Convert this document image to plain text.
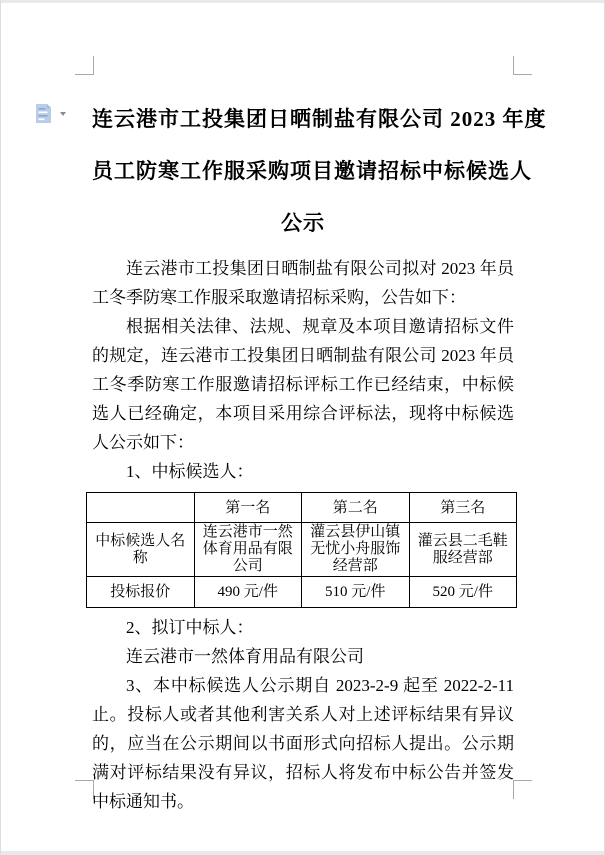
连云港市工投集团日晒制盐有限公司 2023 年度
员工防寒工作服采购项目邀请招标中标候选人
公示

连云港市工投集团日晒制盐有限公司拟对 2023 年员工冬季防寒工作服采取邀请招标采购，公告如下：

根据相关法律、法规、规章及本项目邀请招标文件的规定，连云港市工投集团日晒制盐有限公司 2023 年员工冬季防寒工作服邀请招标评标工作已经结束，中标候选人已经确定，本项目采用综合评标法，现将中标候选人公示如下：

1、中标候选人：

	第一名	第二名	第三名
中标候选人名称	连云港市一然体育用品有限公司	灌云县伊山镇无忧小舟服饰经营部	灌云县二毛鞋服经营部
投标报价	490 元/件	510 元/件	520 元/件

2、拟订中标人：

连云港市一然体育用品有限公司

3、本中标候选人公示期自 2023-2-9 起至 2022-2-11 止。投标人或者其他利害关系人对上述评标结果有异议的，应当在公示期间以书面形式向招标人提出。公示期满对评标结果没有异议，招标人将发布中标公告并签发中标通知书。
